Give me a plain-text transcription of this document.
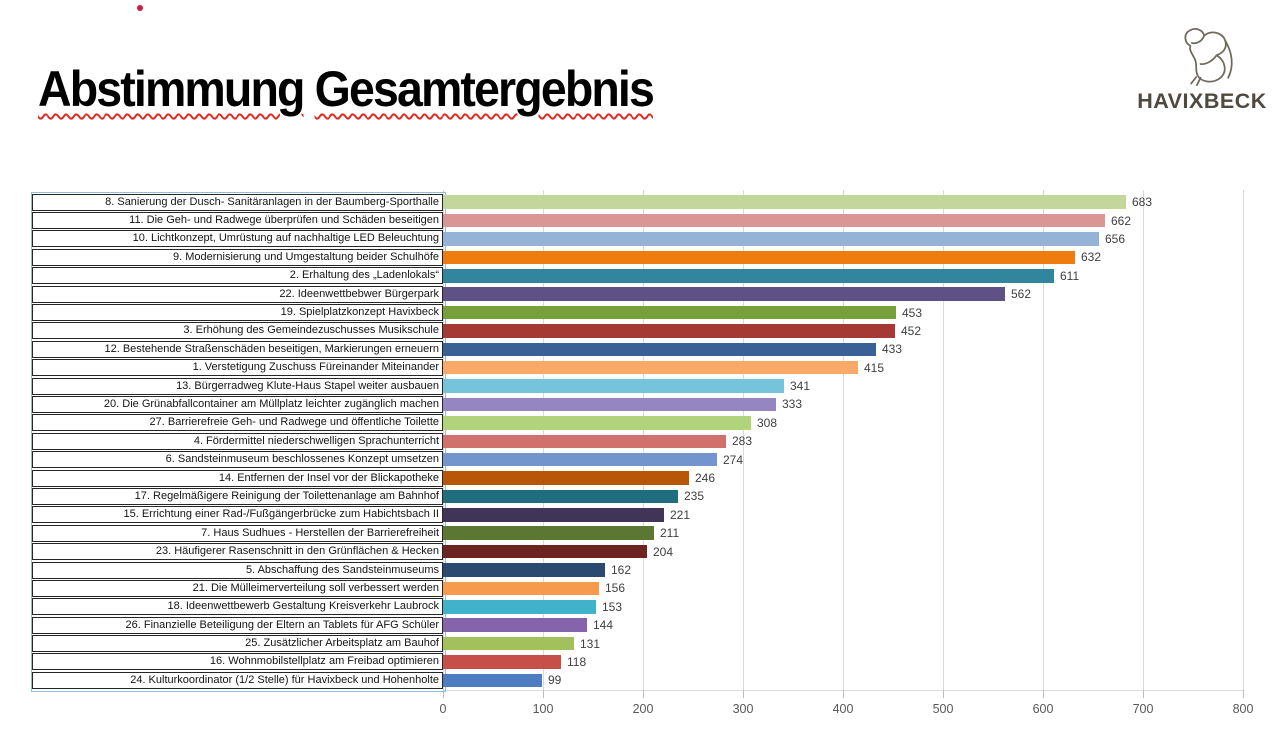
Abstimmung Gesamtergebnis	HAVIXBECK
8. Sanierung der Dusch- Sanitäranlagen in der Baumberg-Sporthalle	683
11. Die Geh- und Radwege überprüfen und Schäden beseitigen	662
10. Lichtkonzept, Umrüstung auf nachhaltige LED Beleuchtung	656
9. Modernisierung und Umgestaltung beider Schulhöfe	632
2. Erhaltung des „Ladenlokals“	611
22. Ideenwettbebwer Bürgerpark	562
19. Spielplatzkonzept Havixbeck	453
3. Erhöhung des Gemeindezuschusses Musikschule	452
12. Bestehende Straßenschäden beseitigen, Markierungen erneuern	433
1. Verstetigung Zuschuss Füreinander Miteinander	415
13. Bürgerradweg Klute-Haus Stapel weiter ausbauen	341
20. Die Grünabfallcontainer am Müllplatz leichter zugänglich machen	333
27. Barrierefreie Geh- und Radwege und öffentliche Toilette	308
4. Fördermittel niederschwelligen Sprachunterricht	283
6. Sandsteinmuseum beschlossenes Konzept umsetzen	274
14. Entfernen der Insel vor der Blickapotheke	246
17. Regelmäßigere Reinigung der Toilettenanlage am Bahnhof	235
15. Errichtung einer Rad-/Fußgängerbrücke zum Habichtsbach II	221
7. Haus Sudhues - Herstellen der Barrierefreiheit	211
23. Häufigerer Rasenschnitt in den Grünflächen & Hecken	204
5. Abschaffung des Sandsteinmuseums	162
21. Die Mülleimerverteilung soll verbessert werden	156
18. Ideenwettbewerb Gestaltung Kreisverkehr Laubrock	153
26. Finanzielle Beteiligung der Eltern an Tablets für AFG Schüler	144
25. Zusätzlicher Arbeitsplatz am Bauhof	131
16. Wohnmobilstellplatz am Freibad optimieren	118
24. Kulturkoordinator (1/2 Stelle) für Havixbeck und Hohenholte	99
0	100	200	300	400	500	600	700	800
